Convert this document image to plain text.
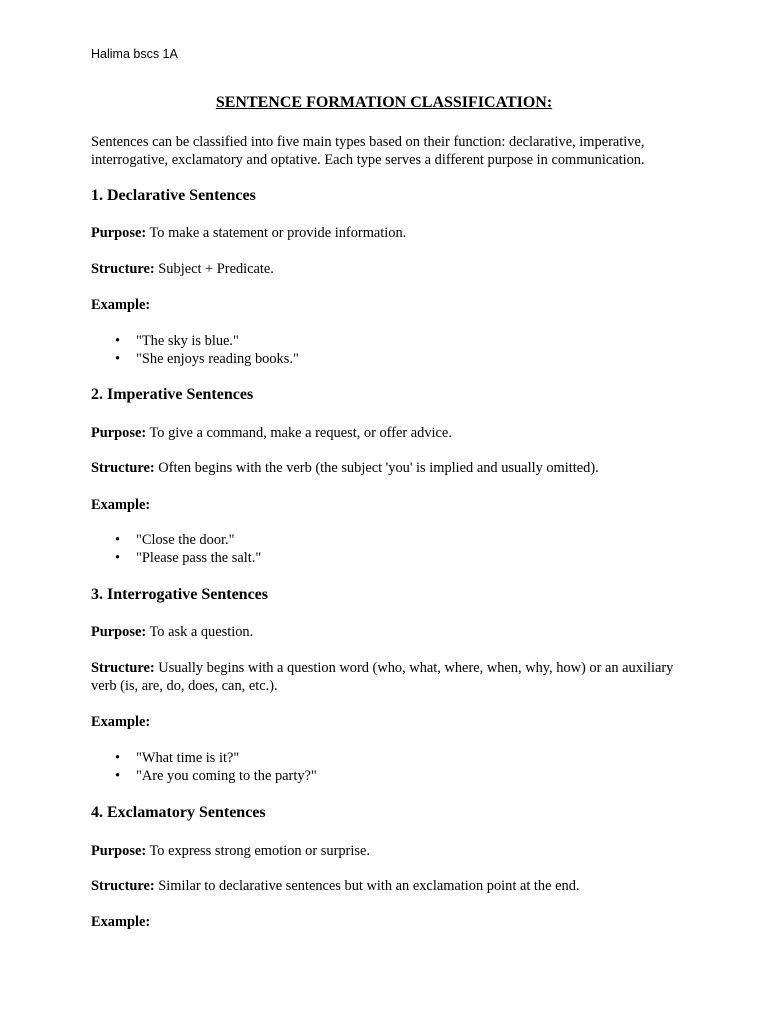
Halima bscs 1A
SENTENCE FORMATION CLASSIFICATION:

Sentences can be classified into five main types based on their function: declarative, imperative, interrogative, exclamatory and optative. Each type serves a different purpose in communication.

1. Declarative Sentences

Purpose: To make a statement or provide information.

Structure: Subject + Predicate.

Example:

• "The sky is blue."
• "She enjoys reading books."
2. Imperative Sentences

Purpose: To give a command, make a request, or offer advice.

Structure: Often begins with the verb (the subject 'you' is implied and usually omitted).

Example:

• "Close the door."
• "Please pass the salt."
3. Interrogative Sentences

Purpose: To ask a question.

Structure: Usually begins with a question word (who, what, where, when, why, how) or an auxiliary verb (is, are, do, does, can, etc.).

Example:

• "What time is it?"
• "Are you coming to the party?"
4. Exclamatory Sentences

Purpose: To express strong emotion or surprise.

Structure: Similar to declarative sentences but with an exclamation point at the end.

Example:
